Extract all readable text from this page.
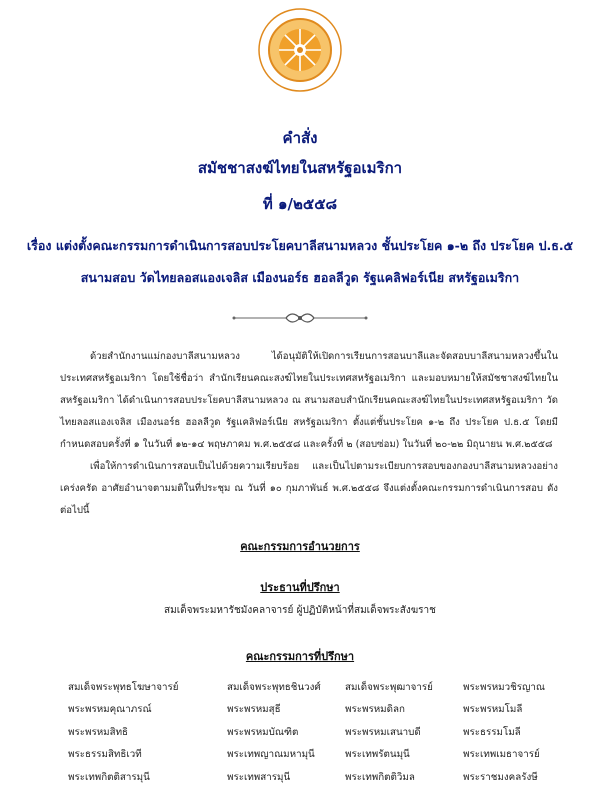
คำสั่ง
สมัชชาสงฆ์ไทยในสหรัฐอเมริกา
ที่ ๑/๒๕๕๘
เรื่อง แต่งตั้งคณะกรรมการดำเนินการสอบประโยคบาลีสนามหลวง ชั้นประโยค ๑-๒ ถึง ประโยค ป.ธ.๕
สนามสอบ วัดไทยลอสแองเจลิส เมืองนอร์ธ ฮอลลีวูด รัฐแคลิฟอร์เนีย สหรัฐอเมริกา
ด้วยสำนักงานแม่กองบาลีสนามหลวง ได้อนุมัติให้เปิดการเรียนการสอนบาลีและจัดสอบบาลีสนามหลวงขึ้นในประเทศสหรัฐอเมริกา โดยใช้ชื่อว่า สำนักเรียนคณะสงฆ์ไทยในประเทศสหรัฐอเมริกา และมอบหมายให้สมัชชาสงฆ์ไทยในสหรัฐอเมริกา ได้ดำเนินการสอบประโยคบาลีสนามหลวง ณ สนามสอบสำนักเรียนคณะสงฆ์ไทยในประเทศสหรัฐอเมริกา วัดไทยลอสแองเจลิส เมืองนอร์ธ ฮอลลีวูด รัฐแคลิฟอร์เนีย สหรัฐอเมริกา ตั้งแต่ชั้นประโยค ๑-๒ ถึง ประโยค ป.ธ.๕ โดยมีกำหนดสอบครั้งที่ ๑ ในวันที่ ๑๒-๑๔ พฤษภาคม พ.ศ.๒๕๕๘ และครั้งที่ ๒ (สอบซ่อม) ในวันที่ ๒๐-๒๒ มิถุนายน พ.ศ.๒๕๕๘
เพื่อให้การดำเนินการสอบเป็นไปด้วยความเรียบร้อย และเป็นไปตามระเบียบการสอบของกองบาลีสนามหลวงอย่างเคร่งครัด อาศัยอำนาจตามมติในที่ประชุม ณ วันที่ ๑๐ กุมภาพันธ์ พ.ศ.๒๕๕๘ จึงแต่งตั้งคณะกรรมการดำเนินการสอบ ดังต่อไปนี้
คณะกรรมการอำนวยการ
ประธานที่ปรึกษา
สมเด็จพระมหารัชมังคลาจารย์ ผู้ปฏิบัติหน้าที่สมเด็จพระสังฆราช
คณะกรรมการที่ปรึกษา
สมเด็จพระพุทธโฆษาจารย์	สมเด็จพระพุทธชินวงศ์	สมเด็จพระพุฒาจารย์	พระพรหมวชิรญาณ
พระพรหมคุณาภรณ์	พระพรหมสุธี	พระพรหมดิลก	พระพรหมโมลี
พระพรหมสิทธิ	พระพรหมบัณฑิต	พระพรหมเสนาบดี	พระธรรมโมลี
พระธรรมสิทธิเวที	พระเทพญาณมหามุนี	พระเทพรัตนมุนี	พระเทพเมธาจารย์
พระเทพกิตติสารมุนี	พระเทพสารมุนี	พระเทพกิตติวิมล	พระราชมงคลรังษี
